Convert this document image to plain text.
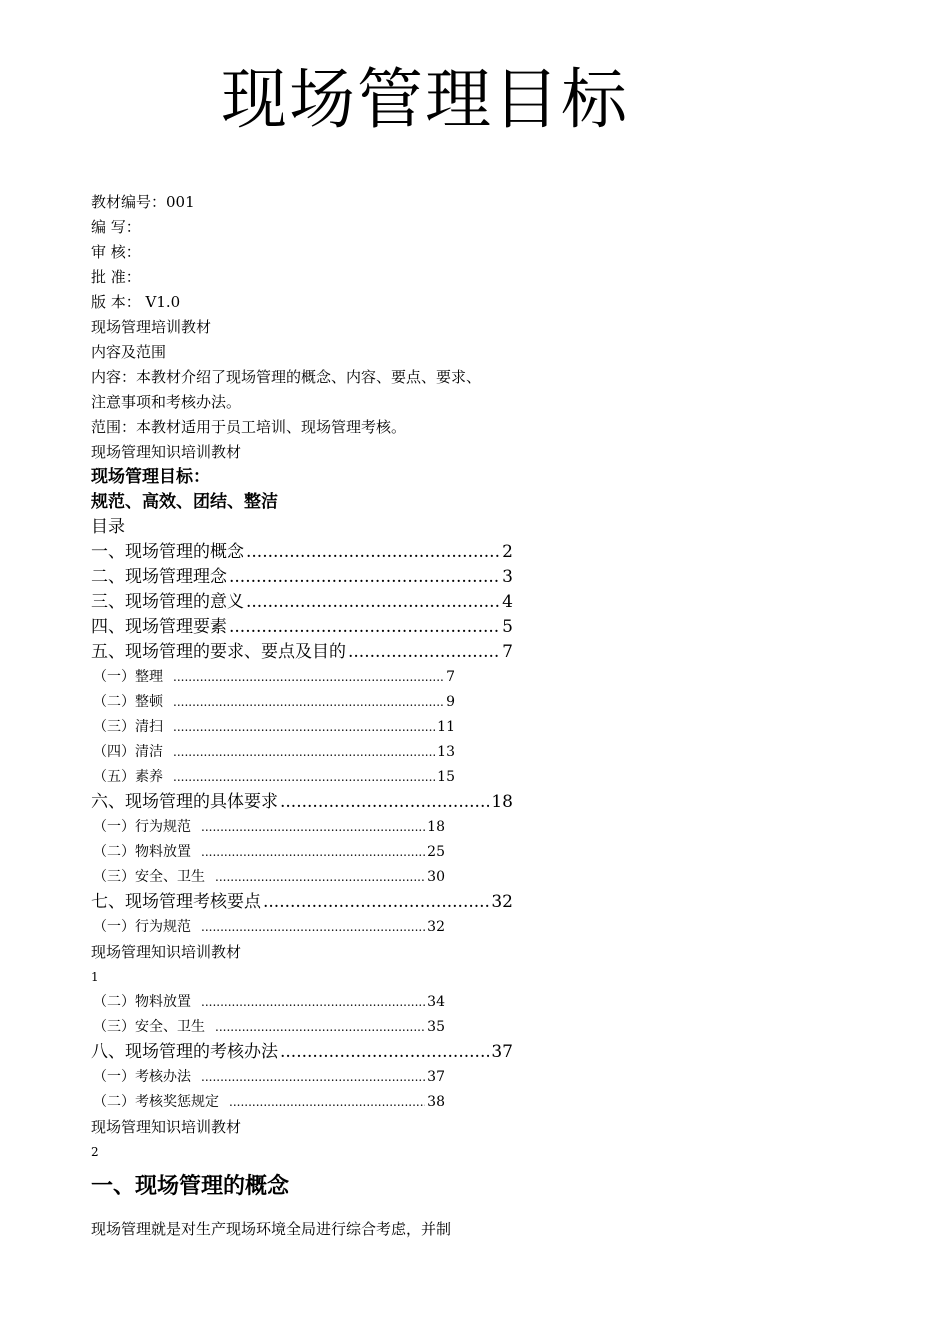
现场管理目标
教材编号：001
编 写：
审 核：
批 准：
版 本： V1.0
现场管理培训教材
内容及范围
内容：本教材介绍了现场管理的概念、内容、要点、要求、
注意事项和考核办法。
范围：本教材适用于员工培训、现场管理考核。
现场管理知识培训教材
现场管理目标：
规范、高效、团结、整洁
目录
一、现场管理的概念 .....	2
二、现场管理理念 .....	3
三、现场管理的意义 .....	4
四、现场管理要素 .....	5
五、现场管理的要求、要点及目的 .....	7
（一）整理 .....	7
（二）整顿 .....	9
（三）清扫 .....	11
（四）清洁 .....	13
（五）素养 .....	15
六、现场管理的具体要求 .....	18
（一）行为规范 .....	18
（二）物料放置 .....	25
（三）安全、卫生 .....	30
七、现场管理考核要点 .....	32
（一）行为规范 .....	32
现场管理知识培训教材
1
（二）物料放置 .....	34
（三）安全、卫生 .....	35
八、现场管理的考核办法 .....	37
（一）考核办法 .....	37
（二）考核奖惩规定 .....	38
现场管理知识培训教材
2
一、现场管理的概念
现场管理就是对生产现场环境全局进行综合考虑，并制
